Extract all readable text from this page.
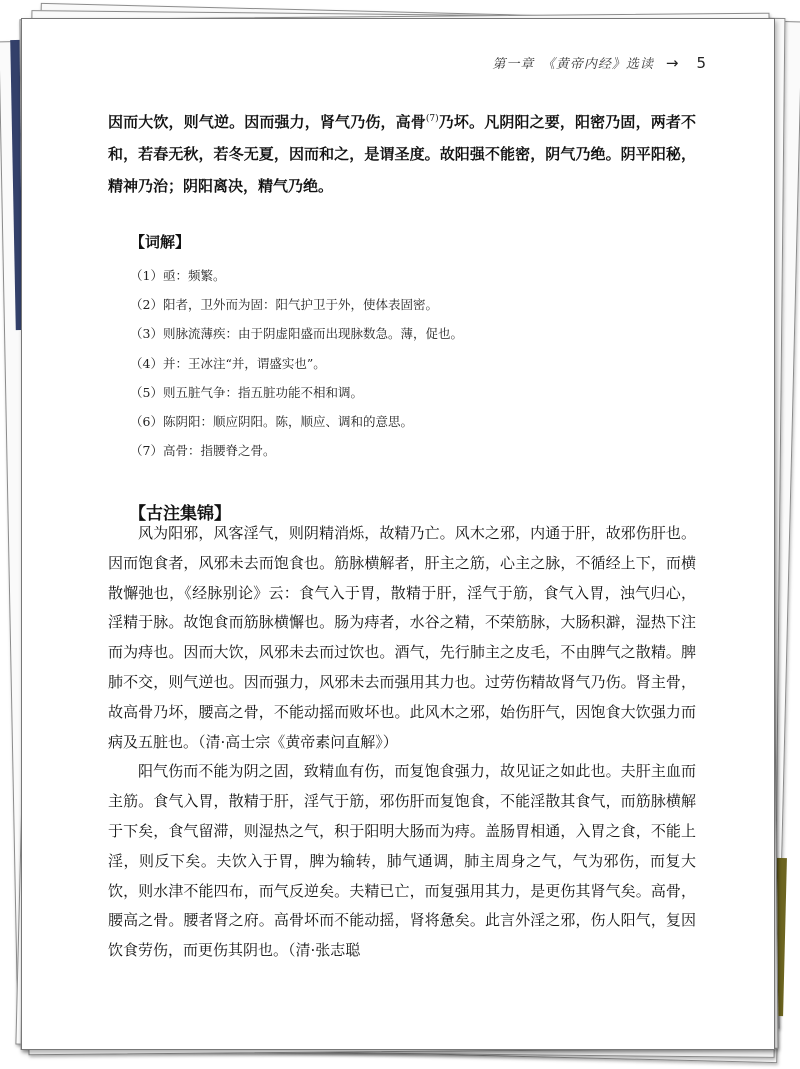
第一章　《黄帝内经》选读 → 5

因而大饮，则气逆。因而强力，肾气乃伤，高骨$^{(7)}$乃坏。凡阴阳之要，阳密乃固，两者不和，若春无秋，若冬无夏，因而和之，是谓圣度。故阳强不能密，阴气乃绝。阴平阳秘，精神乃治；阴阳离决，精气乃绝。

【词解】
（1）亟：频繁。
（2）阳者，卫外而为固：阳气护卫于外，使体表固密。
（3）则脉流薄疾：由于阴虚阳盛而出现脉数急。薄，促也。
（4）并：王冰注“并，谓盛实也”。
（5）则五脏气争：指五脏功能不相和调。
（6）陈阴阳：顺应阴阳。陈，顺应、调和的意思。
（7）高骨：指腰脊之骨。
【古注集锦】

风为阳邪，风客淫气，则阴精消烁，故精乃亡。风木之邪，内通于肝，故邪伤肝也。因而饱食者，风邪未去而饱食也。筋脉横解者，肝主之筋，心主之脉，不循经上下，而横散懈弛也，《经脉别论》云：食气入于胃，散精于肝，淫气于筋，食气入胃，浊气归心，淫精于脉。故饱食而筋脉横懈也。肠为痔者，水谷之精，不荣筋脉，大肠积澼，湿热下注而为痔也。因而大饮，风邪未去而过饮也。酒气，先行肺主之皮毛，不由脾气之散精。脾肺不交，则气逆也。因而强力，风邪未去而强用其力也。过劳伤精故肾气乃伤。肾主骨，故高骨乃坏，腰高之骨，不能动摇而败坏也。此风木之邪，始伤肝气，因饱食大饮强力而病及五脏也。（清·高士宗《黄帝素问直解》）

阳气伤而不能为阴之固，致精血有伤，而复饱食强力，故见证之如此也。夫肝主血而主筋。食气入胃，散精于肝，淫气于筋，邪伤肝而复饱食，不能淫散其食气，而筋脉横解于下矣，食气留滞，则湿热之气，积于阳明大肠而为痔。盖肠胃相通，入胃之食，不能上淫，则反下矣。夫饮入于胃，脾为输转，肺气通调，肺主周身之气，气为邪伤，而复大饮，则水津不能四布，而气反逆矣。夫精已亡，而复强用其力，是更伤其肾气矣。高骨，腰高之骨。腰者肾之府。高骨坏而不能动摇，肾将惫矣。此言外淫之邪，伤人阳气，复因饮食劳伤，而更伤其阴也。（清·张志聪
